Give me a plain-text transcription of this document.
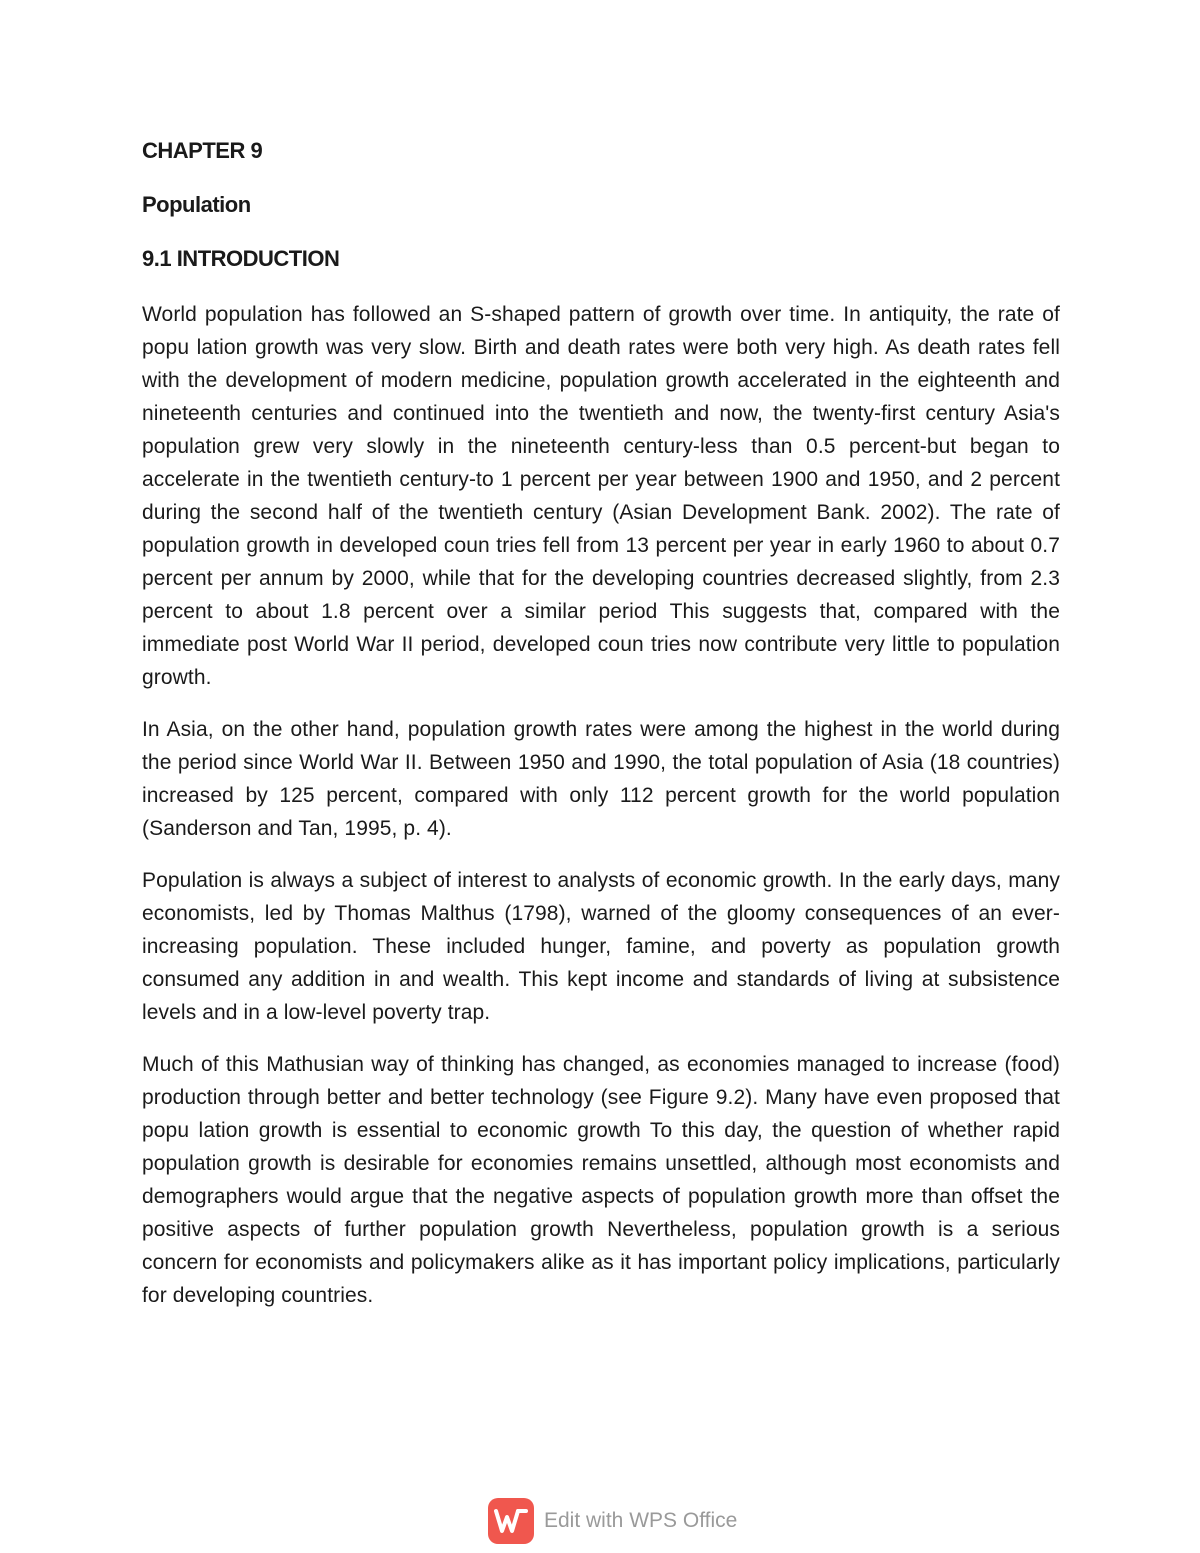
CHAPTER 9
Population
9.1 INTRODUCTION

World population has followed an S-shaped pattern of growth over time. In antiquity, the rate of popu lation growth was very slow. Birth and death rates were both very high. As death rates fell with the development of modern medicine, population growth accelerated in the eighteenth and nineteenth centuries and continued into the twentieth and now, the twenty-first century Asia's population grew very slowly in the nineteenth century-less than 0.5 percent-but began to accelerate in the twentieth century-to 1 percent per year between 1900 and 1950, and 2 percent during the second half of the twentieth century (Asian Development Bank. 2002). The rate of population growth in developed coun tries fell from 13 percent per year in early 1960 to about 0.7 percent per annum by 2000, while that for the developing countries decreased slightly, from 2.3 percent to about 1.8 percent over a similar period This suggests that, compared with the immediate post World War II period, developed coun tries now contribute very little to population growth.

In Asia, on the other hand, population growth rates were among the highest in the world during the period since World War II. Between 1950 and 1990, the total population of Asia (18 countries) increased by 125 percent, compared with only 112 percent growth for the world population (Sanderson and Tan, 1995, p. 4).

Population is always a subject of interest to analysts of economic growth. In the early days, many economists, led by Thomas Malthus (1798), warned of the gloomy consequences of an ever-increasing population. These included hunger, famine, and poverty as population growth consumed any addition in and wealth. This kept income and standards of living at subsistence levels and in a low-level poverty trap.

Much of this Mathusian way of thinking has changed, as economies managed to increase (food) production through better and better technology (see Figure 9.2). Many have even proposed that popu lation growth is essential to economic growth To this day, the question of whether rapid population growth is desirable for economies remains unsettled, although most economists and demographers would argue that the negative aspects of population growth more than offset the positive aspects of further population growth Nevertheless, population growth is a serious concern for economists and policymakers alike as it has important policy implications, particularly for developing countries.

Edit with WPS Office
